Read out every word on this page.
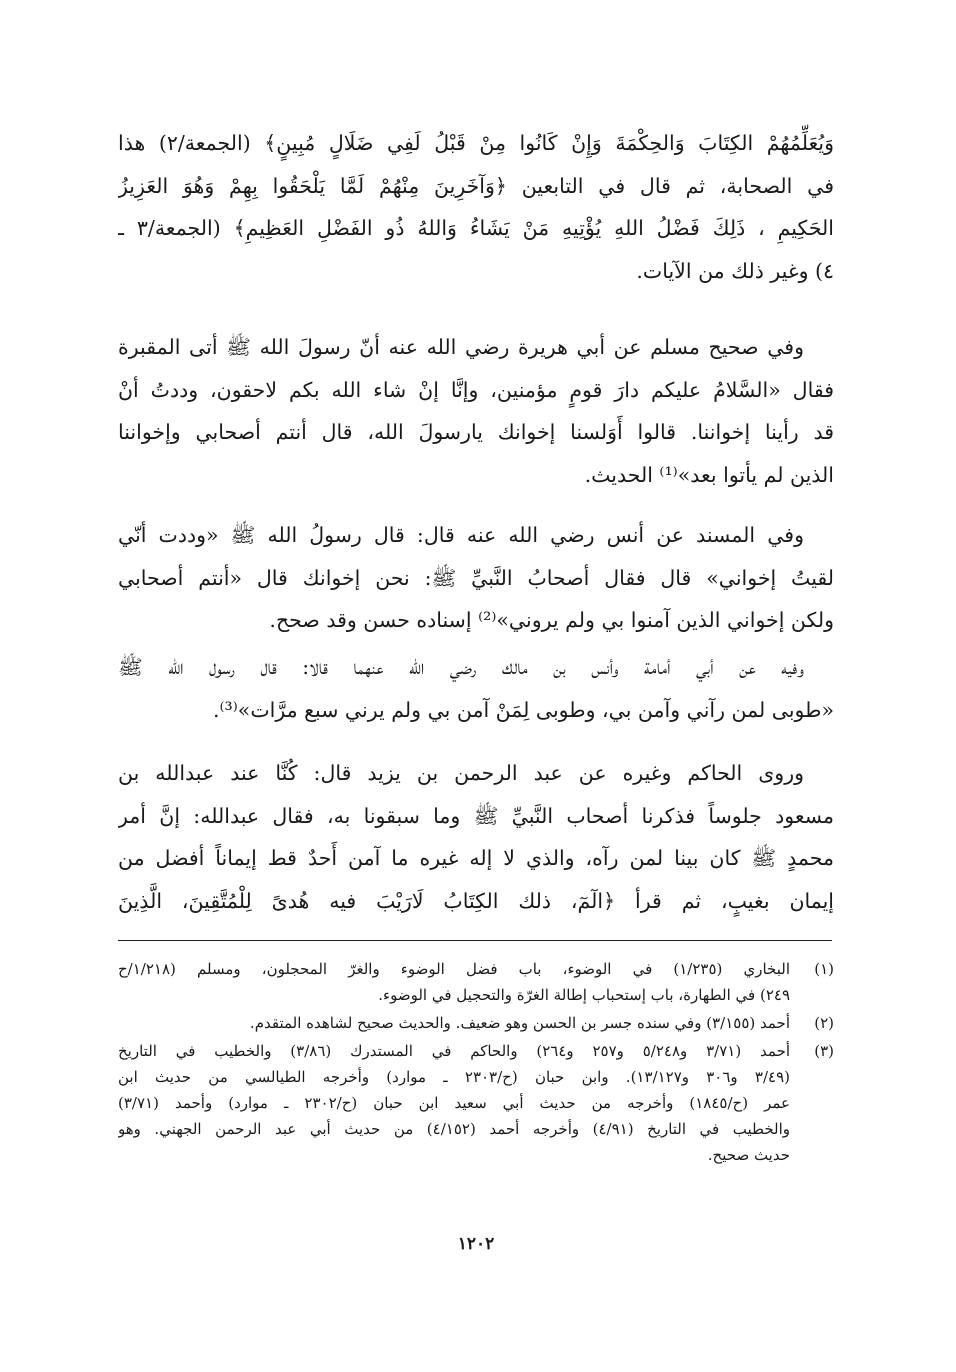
وَيُعَلِّمُهُمْ الكِتَابَ وَالحِكْمَةَ وَإِنْ كَانُوا مِنْ قَبْلُ لَفِي ضَلَالٍ مُبِينٍ﴾ (الجمعة/٢) هذا
في الصحابة، ثم قال في التابعين ﴿وَآخَرِينَ مِنْهُمْ لَمَّا يَلْحَقُوا بِهِمْ وَهُوَ العَزِيزُ
الحَكِيمِ ، ذَلِكَ فَضْلُ اللهِ يُؤْتِيهِ مَنْ يَشَاءُ وَاللهُ ذُو الفَضْلِ العَظِيمِ﴾ (الجمعة/٣ ـ
٤) وغير ذلك من الآيات.
وفي صحيح مسلم عن أبي هريرة رضي الله عنه أنّ رسولَ الله ﷺ أتى المقبرة
فقال «السَّلامُ عليكم دارَ قومٍ مؤمنين، وإنَّا إنْ شاء الله بكم لاحقون، وددتُ أنْ
قد رأينا إخواننا. قالوا أَوَلسنا إخوانك يارسولَ الله، قال أنتم أصحابي وإخواننا
الذين لم يأتوا بعد»⁽¹⁾ الحديث.
وفي المسند عن أنس رضي الله عنه قال: قال رسولُ الله ﷺ «وددت أنّي
لقيتُ إخواني» قال فقال أصحابُ النَّبيِّ ﷺ: نحن إخوانك قال «أنتم أصحابي
ولكن إخواني الذين آمنوا بي ولم يروني»⁽²⁾ إسناده حسن وقد صحح.
وفيه عن أبي أمامة وأنس بن مالك رضي الله عنهما قالا: قال رسول الله ﷺ
«طوبى لمن رآني وآمن بي، وطوبى لِمَنْ آمن بي ولم يرني سبع مرَّات»⁽³⁾.
وروى الحاكم وغيره عن عبد الرحمن بن يزيد قال: كُنَّا عند عبدالله بن
مسعود جلوساً فذكرنا أصحاب النَّبيِّ ﷺ وما سبقونا به، فقال عبدالله: إنَّ أمر
محمدٍ ﷺ كان بينا لمن رآه، والذي لا إله غيره ما آمن أَحدٌ قط إيماناً أفضل من
إيمان بغيبٍ، ثم قرأ ﴿الٓمٓ، ذلك الكِتَابُ لَارَيْبَ فيه هُدىً لِلْمُتَّقِينَ، الَّذِينَ
(١)
البخاري (١/٢٣٥) في الوضوء، باب فضل الوضوء والغرّ المحجلون، ومسلم (١/٢١٨/ح
٢٤٩) في الطهارة، باب إستحباب إطالة الغرّة والتحجيل في الوضوء.
(٢)
أحمد (٣/١٥٥) وفي سنده جسر بن الحسن وهو ضعيف. والحديث صحيح لشاهده المتقدم.
(٣)
أحمد (٣/٧١ و٥/٢٤٨ و٢٥٧ و٢٦٤) والحاكم في المستدرك (٣/٨٦) والخطيب في التاريخ
(٣/٤٩ و٣٠٦ و١٣/١٢٧). وابن حبان (ح/٢٣٠٣ ـ موارد) وأخرجه الطيالسي من حديث ابن
عمر (ح/١٨٤٥) وأخرجه من حديث أبي سعيد ابن حبان (ح/٢٣٠٢ ـ موارد) وأحمد (٣/٧١)
والخطيب في التاريخ (٤/٩١) وأخرجه أحمد (٤/١٥٢) من حديث أبي عبد الرحمن الجهني. وهو
حديث صحيح.
١٢٠٢
